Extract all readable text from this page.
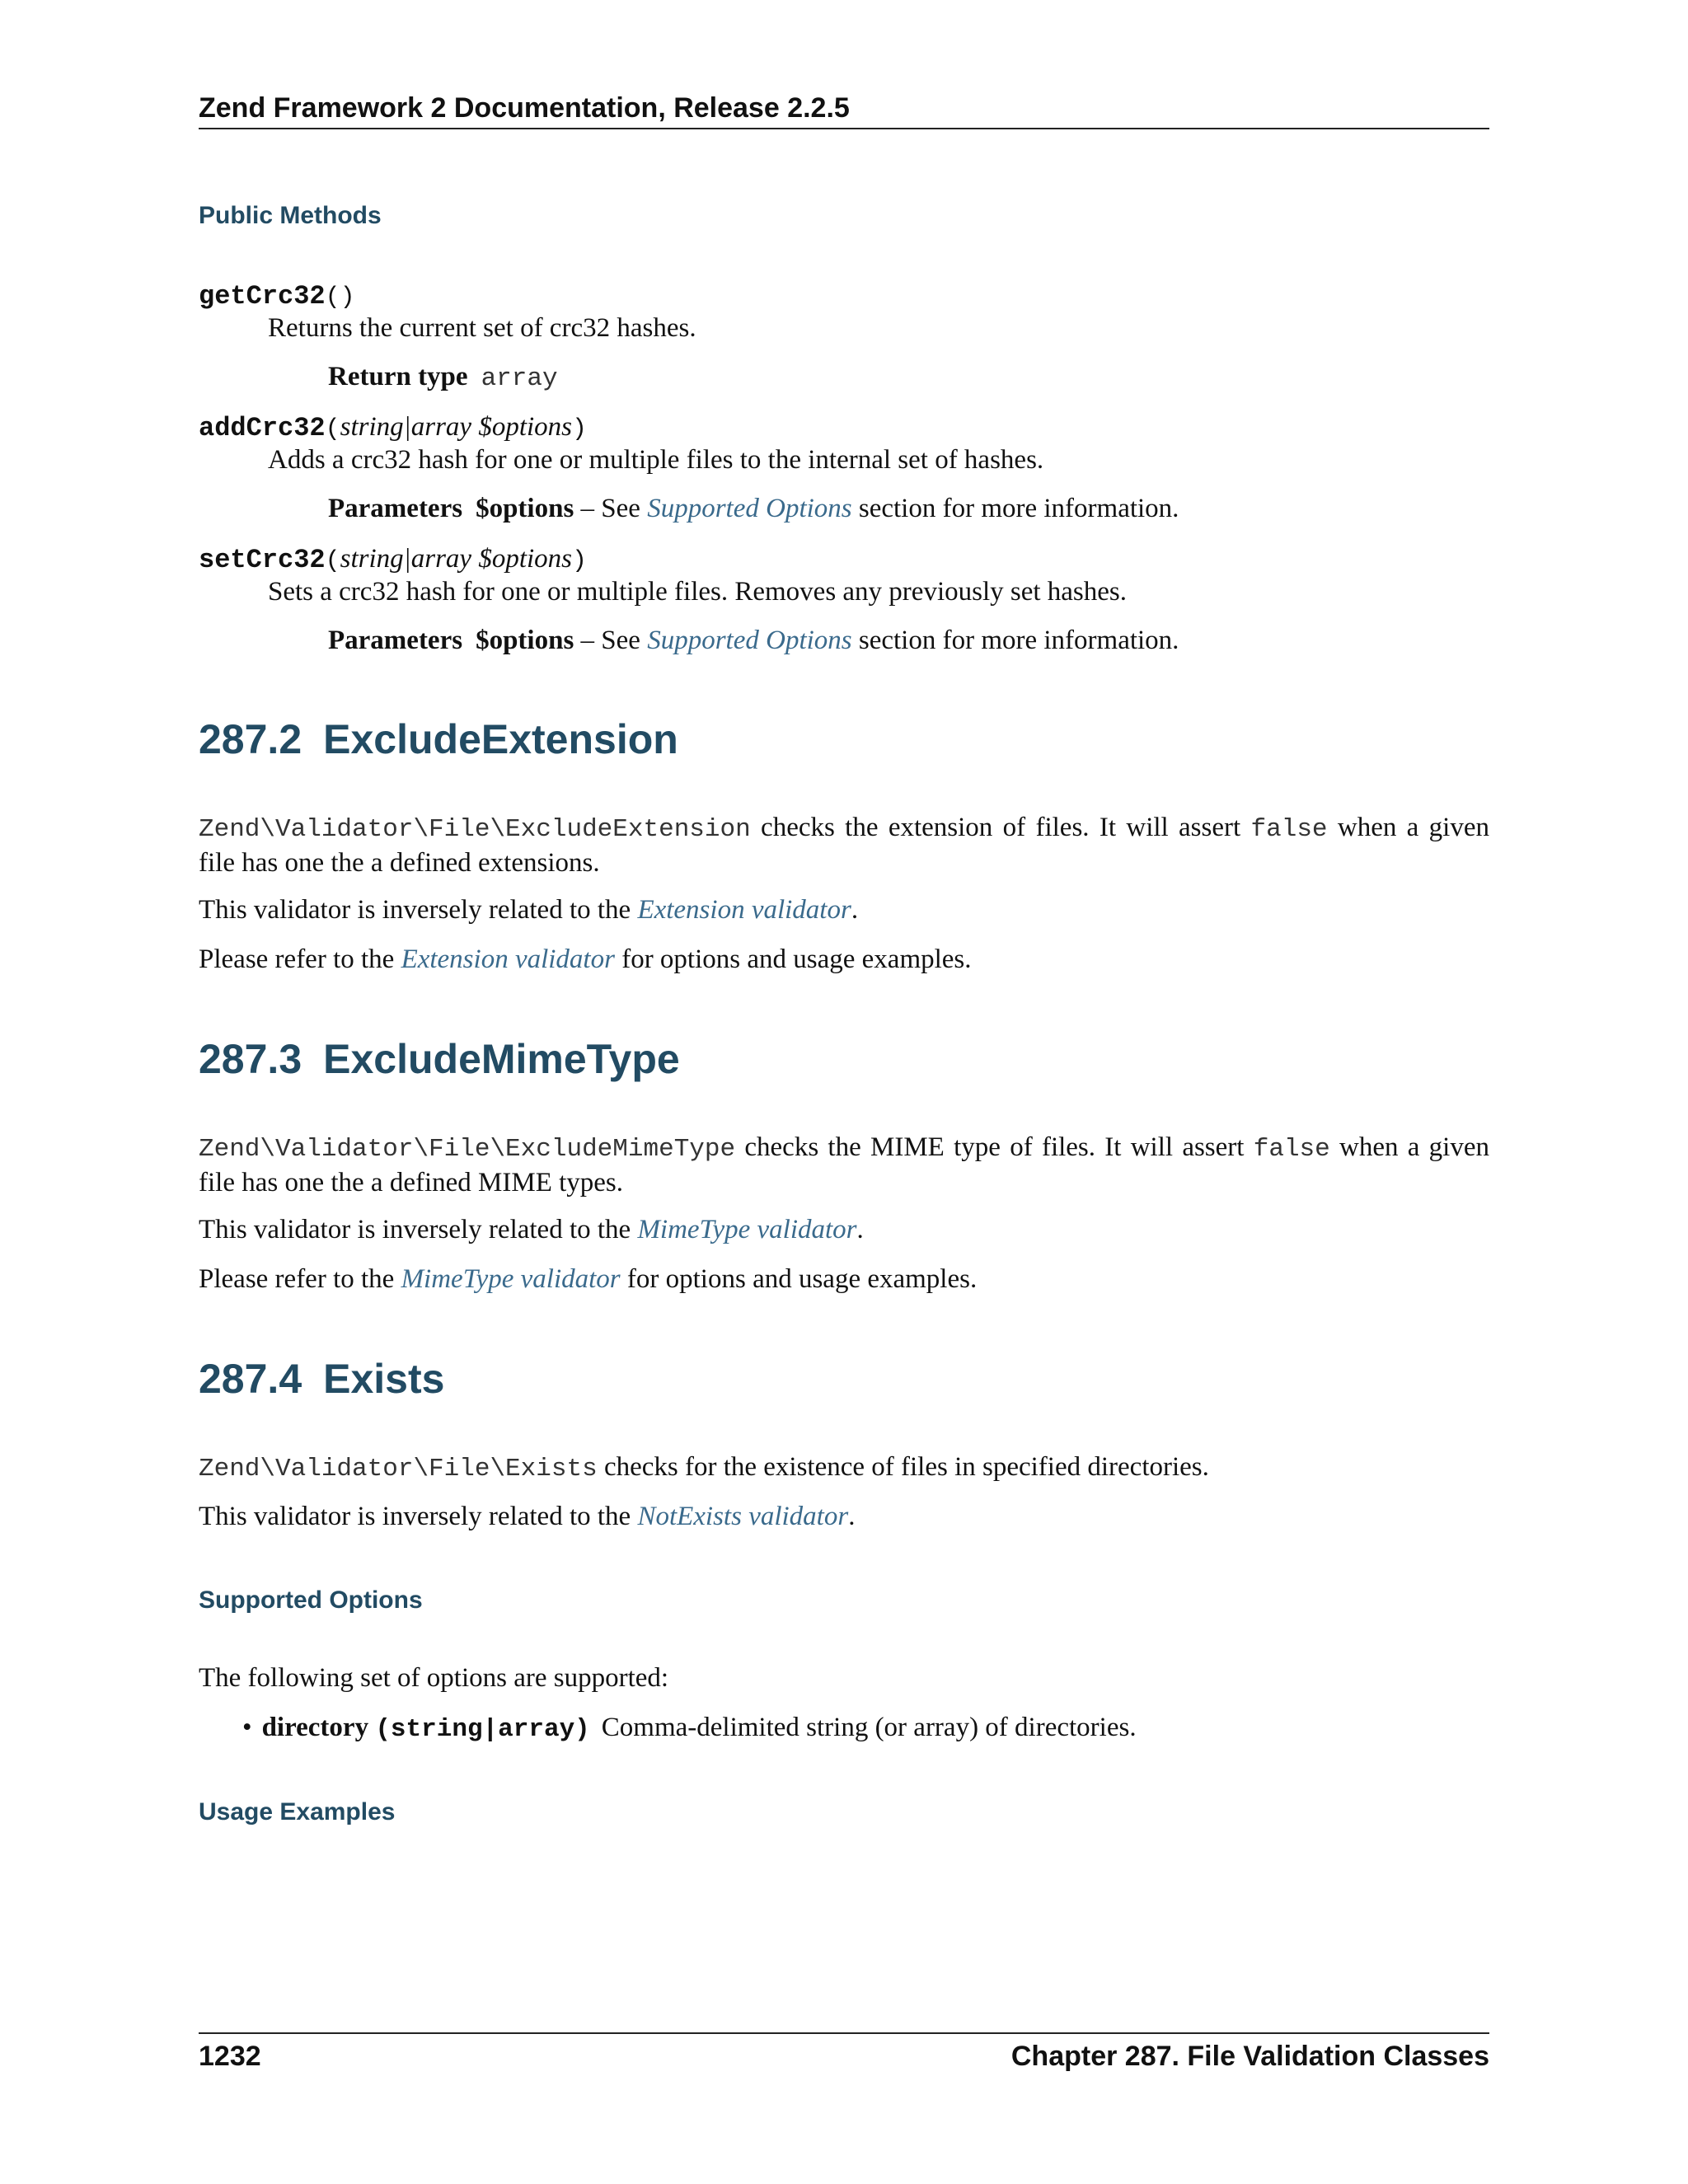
Zend Framework 2 Documentation, Release 2.2.5
Public Methods
getCrc32()
Returns the current set of crc32 hashes.
Return type array
addCrc32(string|array $options)
Adds a crc32 hash for one or multiple files to the internal set of hashes.
Parameters $options – See Supported Options section for more information.
setCrc32(string|array $options)
Sets a crc32 hash for one or multiple files. Removes any previously set hashes.
Parameters $options – See Supported Options section for more information.
287.2 ExcludeExtension
Zend\Validator\File\ExcludeExtension checks the extension of files. It will assert false when a given file has one the a defined extensions.
This validator is inversely related to the Extension validator.
Please refer to the Extension validator for options and usage examples.
287.3 ExcludeMimeType
Zend\Validator\File\ExcludeMimeType checks the MIME type of files. It will assert false when a given file has one the a defined MIME types.
This validator is inversely related to the MimeType validator.
Please refer to the MimeType validator for options and usage examples.
287.4 Exists
Zend\Validator\File\Exists checks for the existence of files in specified directories.
This validator is inversely related to the NotExists validator.
Supported Options
The following set of options are supported:
• directory (string|array) Comma-delimited string (or array) of directories.
Usage Examples
1232	Chapter 287. File Validation Classes
